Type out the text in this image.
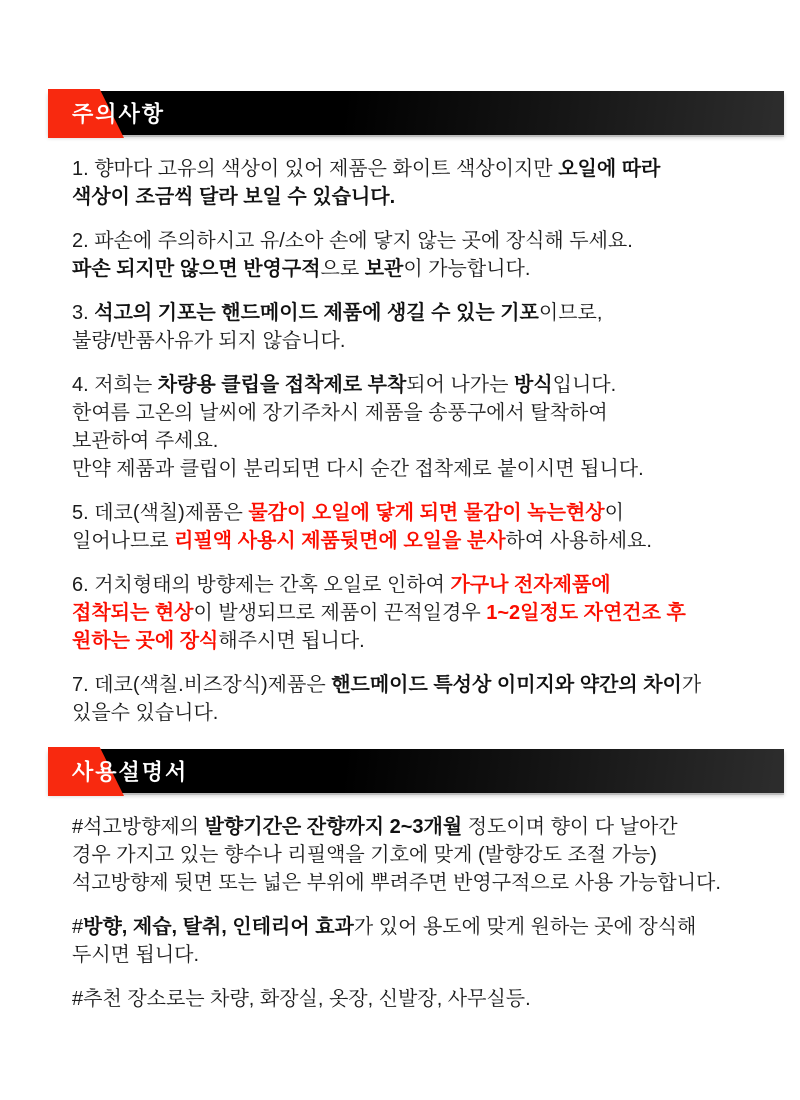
주의사항

1. 향마다 고유의 색상이 있어 제품은 화이트 색상이지만 오일에 따라
색상이 조금씩 달라 보일 수 있습니다.

2. 파손에 주의하시고 유/소아 손에 닿지 않는 곳에 장식해 두세요.
파손 되지만 않으면 반영구적으로 보관이 가능합니다.

3. 석고의 기포는 핸드메이드 제품에 생길 수 있는 기포이므로,
불량/반품사유가 되지 않습니다.

4. 저희는 차량용 클립을 접착제로 부착되어 나가는 방식입니다.
한여름 고온의 날씨에 장기주차시 제품을 송풍구에서 탈착하여
보관하여 주세요.
만약 제품과 클립이 분리되면 다시 순간 접착제로 붙이시면 됩니다.

5. 데코(색칠)제품은 물감이 오일에 닿게 되면 물감이 녹는현상이
일어나므로 리필액 사용시 제품뒷면에 오일을 분사하여 사용하세요.

6. 거치형태의 방향제는 간혹 오일로 인하여 가구나 전자제품에
접착되는 현상이 발생되므로 제품이 끈적일경우 1~2일정도 자연건조 후
원하는 곳에 장식해주시면 됩니다.

7. 데코(색칠.비즈장식)제품은 핸드메이드 특성상 이미지와 약간의 차이가
있을수 있습니다.

사용설명서

#석고방향제의 발향기간은 잔향까지 2~3개월 정도이며 향이 다 날아간
경우 가지고 있는 향수나 리필액을 기호에 맞게 (발향강도 조절 가능)
석고방향제 뒷면 또는 넓은 부위에 뿌려주면 반영구적으로 사용 가능합니다.

#방향, 제습, 탈취, 인테리어 효과가 있어 용도에 맞게 원하는 곳에 장식해
두시면 됩니다.

#추천 장소로는 차량, 화장실, 옷장, 신발장, 사무실등.
